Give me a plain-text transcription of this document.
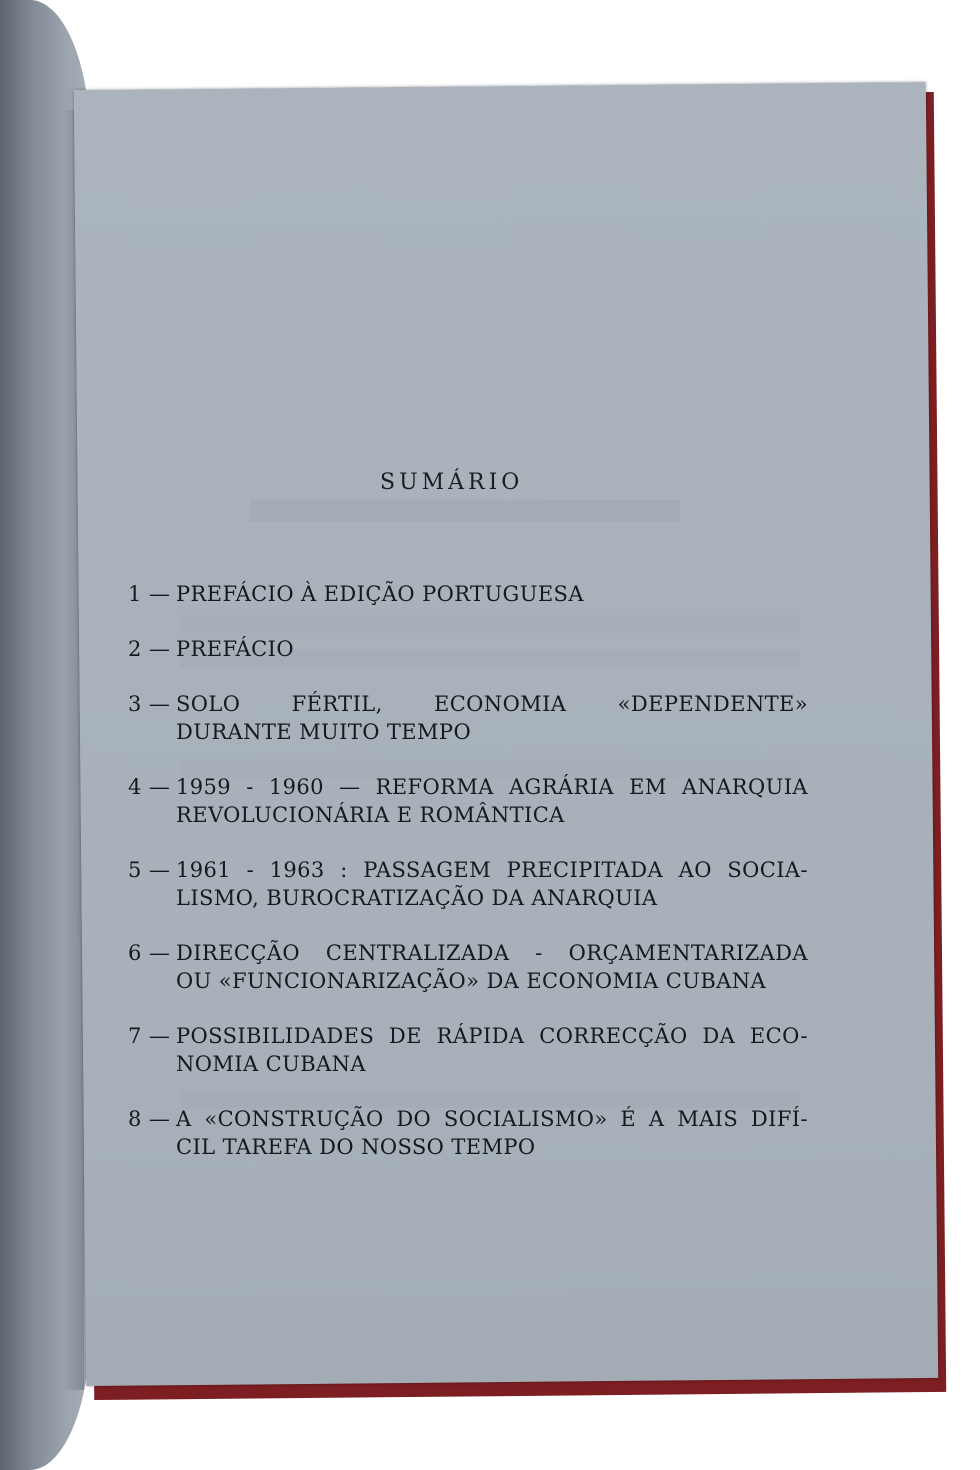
SUMÁRIO
1 — PREFÁCIO À EDIÇÃO PORTUGUESA
2 — PREFÁCIO
3 — SOLO FÉRTIL, ECONOMIA «DEPENDENTE»
DURANTE MUITO TEMPO
4 — 1959 - 1960 — REFORMA AGRÁRIA EM ANARQUIA
REVOLUCIONÁRIA E ROMÂNTICA
5 — 1961 - 1963 : PASSAGEM PRECIPITADA AO SOCIA-
LISMO, BUROCRATIZAÇÃO DA ANARQUIA
6 — DIRECÇÃO CENTRALIZADA - ORÇAMENTARIZADA
OU «FUNCIONARIZAÇÃO» DA ECONOMIA CUBANA
7 — POSSIBILIDADES DE RÁPIDA CORRECÇÃO DA ECO-
NOMIA CUBANA
8 — A «CONSTRUÇÃO DO SOCIALISMO» É A MAIS DIFÍ-
CIL TAREFA DO NOSSO TEMPO
